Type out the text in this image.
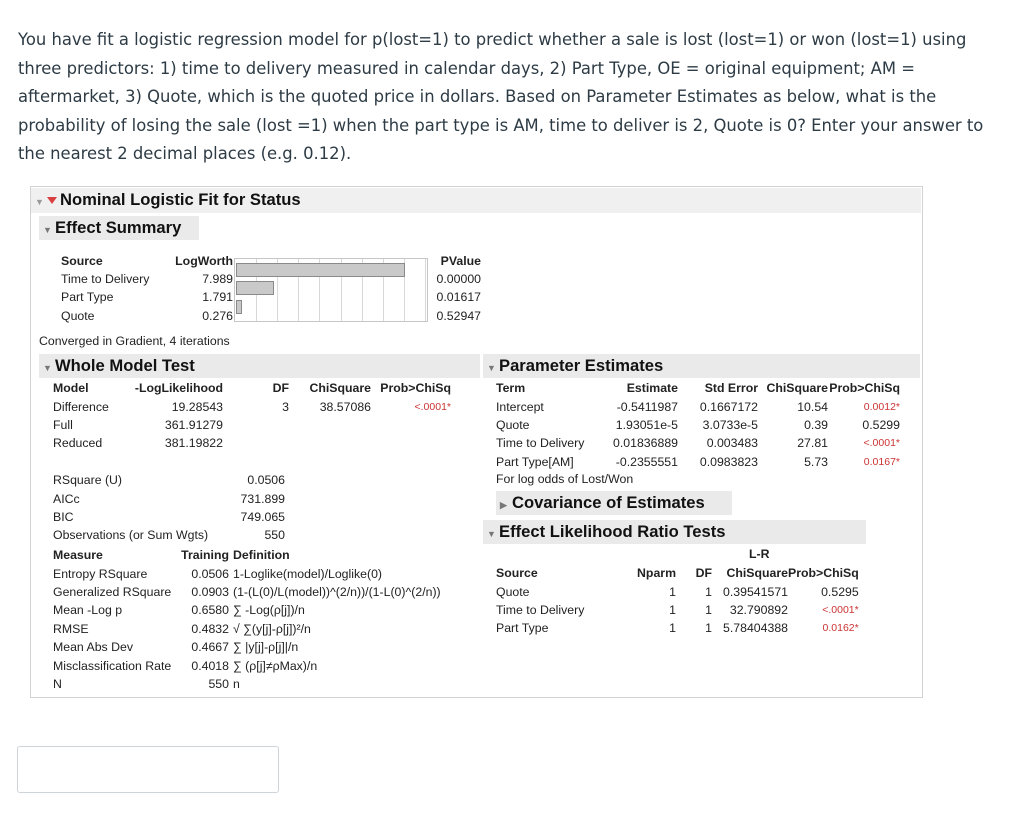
You have fit a logistic regression model for p(lost=1) to predict whether a sale is lost (lost=1) or won (lost=1) using three predictors: 1) time to delivery measured in calendar days, 2) Part Type, OE = original equipment; AM = aftermarket, 3) Quote, which is the quoted price in dollars. Based on Parameter Estimates as below, what is the probability of losing the sale (lost =1) when the part type is AM, time to deliver is 2, Quote is 0? Enter your answer to the nearest 2 decimal places (e.g. 0.12).

▼ Nominal Logistic Fit for Status
▼ Effect Summary
Source	LogWorth	PValue
Time to Delivery	7.989	0.00000
Part Type	1.791	0.01617
Quote	0.276	0.52947
Converged in Gradient, 4 iterations
▼ Whole Model Test
Model	-LogLikelihood	DF	ChiSquare	Prob>ChiSq
Difference	19.28543	3	38.57086	<.0001*
Full	361.91279			
Reduced	381.19822			
RSquare (U)	0.0506
AICc	731.899
BIC	749.065
Observations (or Sum Wgts)	550
Measure	Training	Definition
Entropy RSquare	0.0506	1-Loglike(model)/Loglike(0)
Generalized RSquare	0.0903	(1-(L(0)/L(model))^(2/n))/(1-L(0)^(2/n))
Mean -Log p	0.6580	∑ -Log(ρ[j])/n
RMSE	0.4832	√ ∑(y[j]-ρ[j])²/n
Mean Abs Dev	0.4667	∑ |y[j]-ρ[j]|/n
Misclassification Rate	0.4018	∑ (ρ[j]≠ρMax)/n
N	550	n
▼ Parameter Estimates
Term	Estimate	Std Error	ChiSquare	Prob>ChiSq
Intercept	-0.5411987	0.1667172	10.54	0.0012*
Quote	1.93051e-5	3.0733e-5	0.39	0.5299
Time to Delivery	0.01836889	0.003483	27.81	<.0001*
Part Type[AM]	-0.2355551	0.0983823	5.73	0.0167*
For log odds of Lost/Won
▶ Covariance of Estimates
▼ Effect Likelihood Ratio Tests
L-R
Source	Nparm	DF	ChiSquare	Prob>ChiSq
Quote	1	1	0.39541571	0.5295
Time to Delivery	1	1	32.790892	<.0001*
Part Type	1	1	5.78404388	0.0162*
